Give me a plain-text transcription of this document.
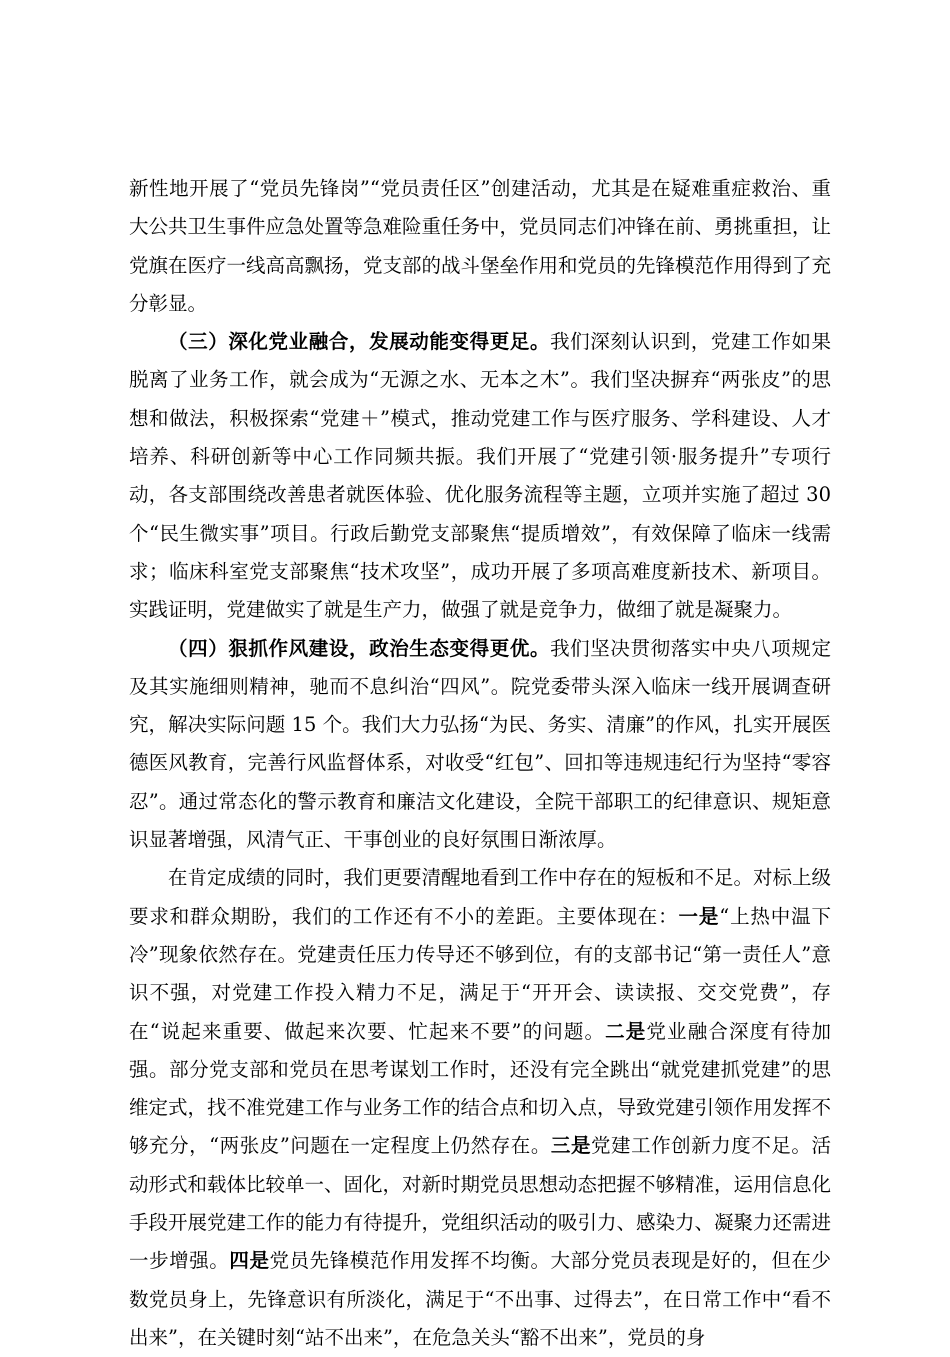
新性地开展了“党员先锋岗”“党员责任区”创建活动，尤其是在疑难重症救治、重大公共卫生事件应急处置等急难险重任务中，党员同志们冲锋在前、勇挑重担，让党旗在医疗一线高高飘扬，党支部的战斗堡垒作用和党员的先锋模范作用得到了充分彰显。

（三）深化党业融合，发展动能变得更足。我们深刻认识到，党建工作如果脱离了业务工作，就会成为“无源之水、无本之木”。我们坚决摒弃“两张皮”的思想和做法，积极探索“党建＋”模式，推动党建工作与医疗服务、学科建设、人才培养、科研创新等中心工作同频共振。我们开展了“党建引领·服务提升”专项行动，各支部围绕改善患者就医体验、优化服务流程等主题，立项并实施了超过 30 个“民生微实事”项目。行政后勤党支部聚焦“提质增效”，有效保障了临床一线需求；临床科室党支部聚焦“技术攻坚”，成功开展了多项高难度新技术、新项目。实践证明，党建做实了就是生产力，做强了就是竞争力，做细了就是凝聚力。

（四）狠抓作风建设，政治生态变得更优。我们坚决贯彻落实中央八项规定及其实施细则精神，驰而不息纠治“四风”。院党委带头深入临床一线开展调查研究，解决实际问题 15 个。我们大力弘扬“为民、务实、清廉”的作风，扎实开展医德医风教育，完善行风监督体系，对收受“红包”、回扣等违规违纪行为坚持“零容忍”。通过常态化的警示教育和廉洁文化建设，全院干部职工的纪律意识、规矩意识显著增强，风清气正、干事创业的良好氛围日渐浓厚。

在肯定成绩的同时，我们更要清醒地看到工作中存在的短板和不足。对标上级要求和群众期盼，我们的工作还有不小的差距。主要体现在：一是“上热中温下冷”现象依然存在。党建责任压力传导还不够到位，有的支部书记“第一责任人”意识不强，对党建工作投入精力不足，满足于“开开会、读读报、交交党费”，存在“说起来重要、做起来次要、忙起来不要”的问题。二是党业融合深度有待加强。部分党支部和党员在思考谋划工作时，还没有完全跳出“就党建抓党建”的思维定式，找不准党建工作与业务工作的结合点和切入点，导致党建引领作用发挥不够充分，“两张皮”问题在一定程度上仍然存在。三是党建工作创新力度不足。活动形式和载体比较单一、固化，对新时期党员思想动态把握不够精准，运用信息化手段开展党建工作的能力有待提升，党组织活动的吸引力、感染力、凝聚力还需进一步增强。四是党员先锋模范作用发挥不均衡。大部分党员表现是好的，但在少数党员身上，先锋意识有所淡化，满足于“不出事、过得去”，在日常工作中“看不出来”，在关键时刻“站不出来”，在危急关头“豁不出来”，党员的身
